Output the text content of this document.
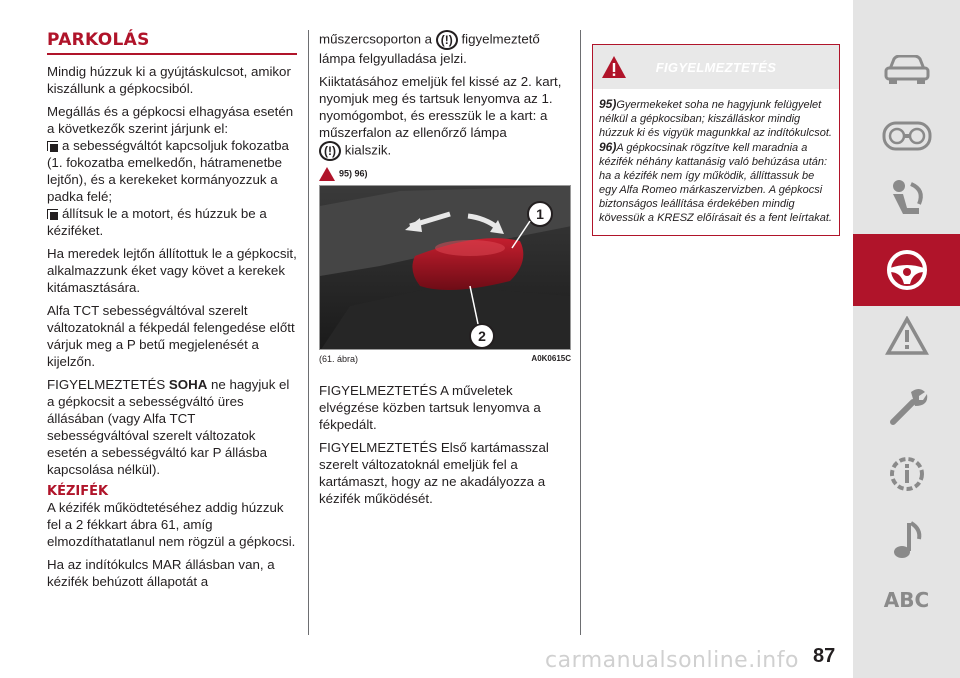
PARKOLÁS

Mindig húzzuk ki a gyújtáskulcsot, amikor kiszállunk a gépkocsiból.

Megállás és a gépkocsi elhagyása esetén a következők szerint járjunk el:

a sebességváltót kapcsoljuk fokozatba (1. fokozatba emelkedőn, hátramenetbe lejtőn), és a kerekeket kormányozzuk a padka felé;

állítsuk le a motort, és húzzuk be a kéziféket.

Ha meredek lejtőn állítottuk le a gépkocsit, alkalmazzunk éket vagy követ a kerekek kitámasztására.

Alfa TCT sebességváltóval szerelt változatoknál a fékpedál felengedése előtt várjuk meg a P betű megjelenését a kijelzőn.

FIGYELMEZTETÉS SOHA ne hagyjuk el a gépkocsit a sebességváltó üres állásában (vagy Alfa TCT sebességváltóval szerelt változatok esetén a sebességváltó kar P állásba kapcsolása nélkül).

KÉZIFÉK

A kézifék működtetéséhez addig húzzuk fel a 2 fékkart ábra 61, amíg elmozdíthatatlanul nem rögzül a gépkocsi.

Ha az indítókulcs MAR állásban van, a kézifék behúzott állapotát a

műszercsoporton a (!) figyelmeztető lámpa felgyulladása jelzi.

Kiiktatásához emeljük fel kissé az 2. kart, nyomjuk meg és tartsuk lenyomva az 1. nyomógombot, és eresszük le a kart: a műszerfalon az ellenőrző lámpa
(!) kialszik.

95) 96)
1
2
(61. ábra)	A0K0615C

FIGYELMEZTETÉS A műveletek elvégzése közben tartsuk lenyomva a fékpedált.

FIGYELMEZTETÉS Első kartámasszal szerelt változatoknál emeljük fel a kartámaszt, hogy az ne akadályozza a kézifék működését.

FIGYELMEZTETÉS
95)Gyermekeket soha ne hagyjunk felügyelet nélkül a gépkocsiban; kiszálláskor mindig húzzuk ki és vigyük magunkkal az indítókulcsot.
96)A gépkocsinak rögzítve kell maradnia a kézifék néhány kattanásig való behúzása után: ha a kézifék nem így működik, állíttassuk be egy Alfa Romeo márkaszervizben. A gépkocsi biztonságos leállítása érdekében mindig kövessük a KRESZ előírásait és a fent leírtakat.
ABC
carmanualsonline.info 87
